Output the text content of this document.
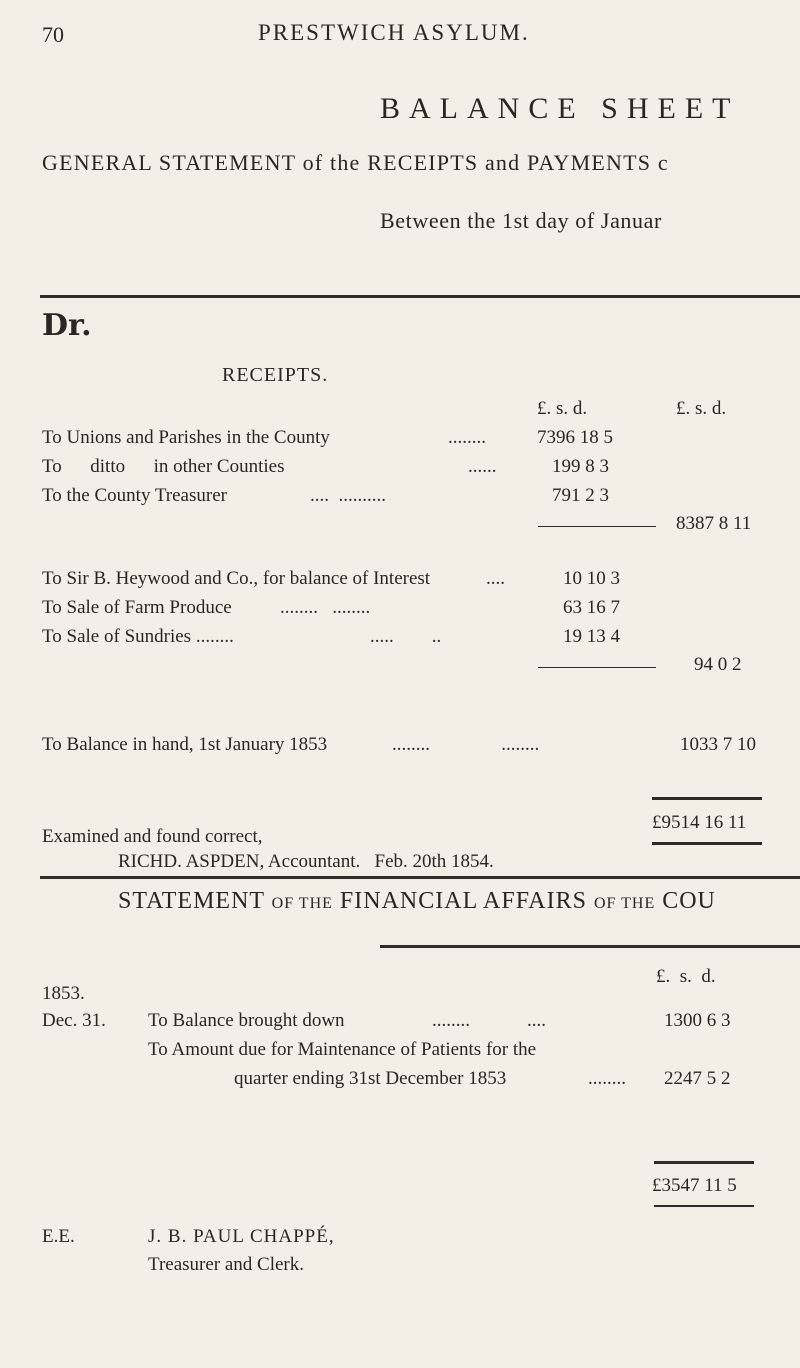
70	PRESTWICH ASYLUM.
BALANCE SHEET
GENERAL STATEMENT of the RECEIPTS and PAYMENTS c
Between the 1st day of Januar
Dr.
RECEIPTS.
£. s. d.	£. s. d.
To Unions and Parishes in the County	........	7396 18 5
To      ditto      in other Counties	......	199 8 3
To the County Treasurer	....  ..........	791 2 3
8387 8 11
To Sir B. Heywood and Co., for balance of Interest	....	10 10 3
To Sale of Farm Produce	........   ........	63 16 7
To Sale of Sundries ........	.....        ..	19 13 4
94 0 2
To Balance in hand, 1st January 1853	........               ........	1033 7 10
£9514 16 11
Examined and found correct,
RICHD. ASPDEN, Accountant.   Feb. 20th 1854.
STATEMENT OF THE FINANCIAL AFFAIRS OF THE COU
1853.
£.  s.  d.
Dec. 31. To Balance brought down	........            ....	1300 6 3
To Amount due for Maintenance of Patients for the
quarter ending 31st December 1853	........ 2247 5 2
£3547 11 5
E.E.	J. B. PAUL CHAPPÉ,
Treasurer and Clerk.
